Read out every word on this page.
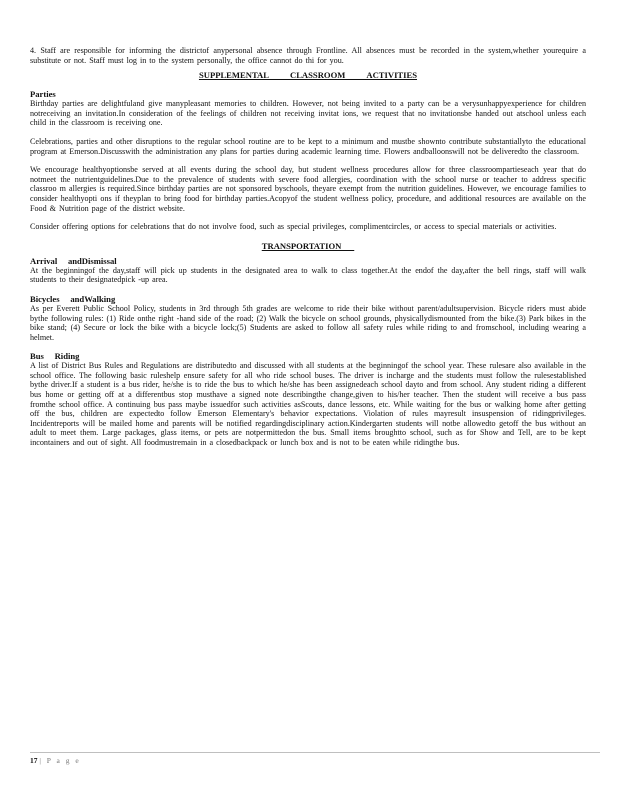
4. Staff are responsible for informing the districtof anypersonal absence through Frontline. All absences must be recorded in the system,whether yourequire a substitute or not. Staff must log in to the system personally, the office cannot do thi for you.

SUPPLEMENTAL          CLASSROOM          ACTIVITIES
Parties

Birthday parties are delightfuland give manypleasant memories to children. However, not being invited to a party can be a verysunhappyexperience for children notreceiving an invitation.In consideration of the feelings of children not receiving invitat ions, we request that no invitationsbe handed out atschool unless each child in the classroom is receiving one.

Celebrations, parties and other disruptions to the regular school routine are to be kept to a minimum and mustbe shownto contribute substantiallyto the educational program at Emerson.Discusswith the administration any plans for parties during academic learning time. Flowers andballoonswill not be deliveredto the classroom.

We encourage healthyoptionsbe served at all events during the school day, but student wellness procedures allow for three classroompartieseach year that do notmeet the nutrientguidelines.Due to the prevalence of students with severe food allergies, coordination with the school nurse or teacher to address specific classroo m allergies is required.Since birthday parties are not sponsored byschools, theyare exempt from the nutrition guidelines. However, we encourage families to consider healthyopti ons if theyplan to bring food for birthday parties.Acopyof the student wellness policy, procedure, and additional resources are available on the Food & Nutrition page of the district website.

Consider offering options for celebrations that do not involve food, such as special privileges, complimentcircles, or access to special materials or activities.

TRANSPORTATION
Arrival     andDismissal

At the beginningof the day,staff will pick up students in the designated area to walk to class together.At the endof the day,after the bell rings, staff will walk students to their designatedpick -up area.

Bicycles     andWalking

As per Everett Public School Policy, students in 3rd through 5th grades are welcome to ride their bike without parent/adultsupervision. Bicycle riders must abide bythe following rules: (1) Ride onthe right -hand side of the road; (2) Walk the bicycle on school grounds, physicallydismounted from the bike.(3) Park bikes in the bike stand; (4) Secure or lock the bike with a bicycle lock;(5) Students are asked to follow all safety rules while riding to and fromschool, including wearing a helmet.

Bus     Riding

A list of District Bus Rules and Regulations are distributedto and discussed with all students at the beginningof the school year. These rulesare also available in the school office. The following basic ruleshelp ensure safety for all who ride school buses. The driver is incharge and the students must follow the rulesestablished bythe driver.If a student is a bus rider, he/she is to ride the bus to which he/she has been assignedeach school dayto and from school. Any student riding a different bus home or getting off at a differentbus stop musthave a signed note describingthe change,given to his/her teacher. Then the student will receive a bus pass fromthe school office. A continuing bus pass maybe issuedfor such activities asScouts, dance lessons, etc. While waiting for the bus or walking home after getting off the bus, children are expectedto follow Emerson Elementary's behavior expectations. Violation of rules mayresult insuspension of ridingprivileges. Incidentreports will be mailed home and parents will be notified regardingdisciplinary action.Kindergarten students will notbe allowedto getoff the bus without an adult to meet them. Large packages, glass items, or pets are notpermittedon the bus. Small items broughtto school, such as for Show and Tell, are to be kept incontainers and out of sight. All foodmustremain in a closedbackpack or lunch box and is not to be eaten while ridingthe bus.

17 | P a g e
